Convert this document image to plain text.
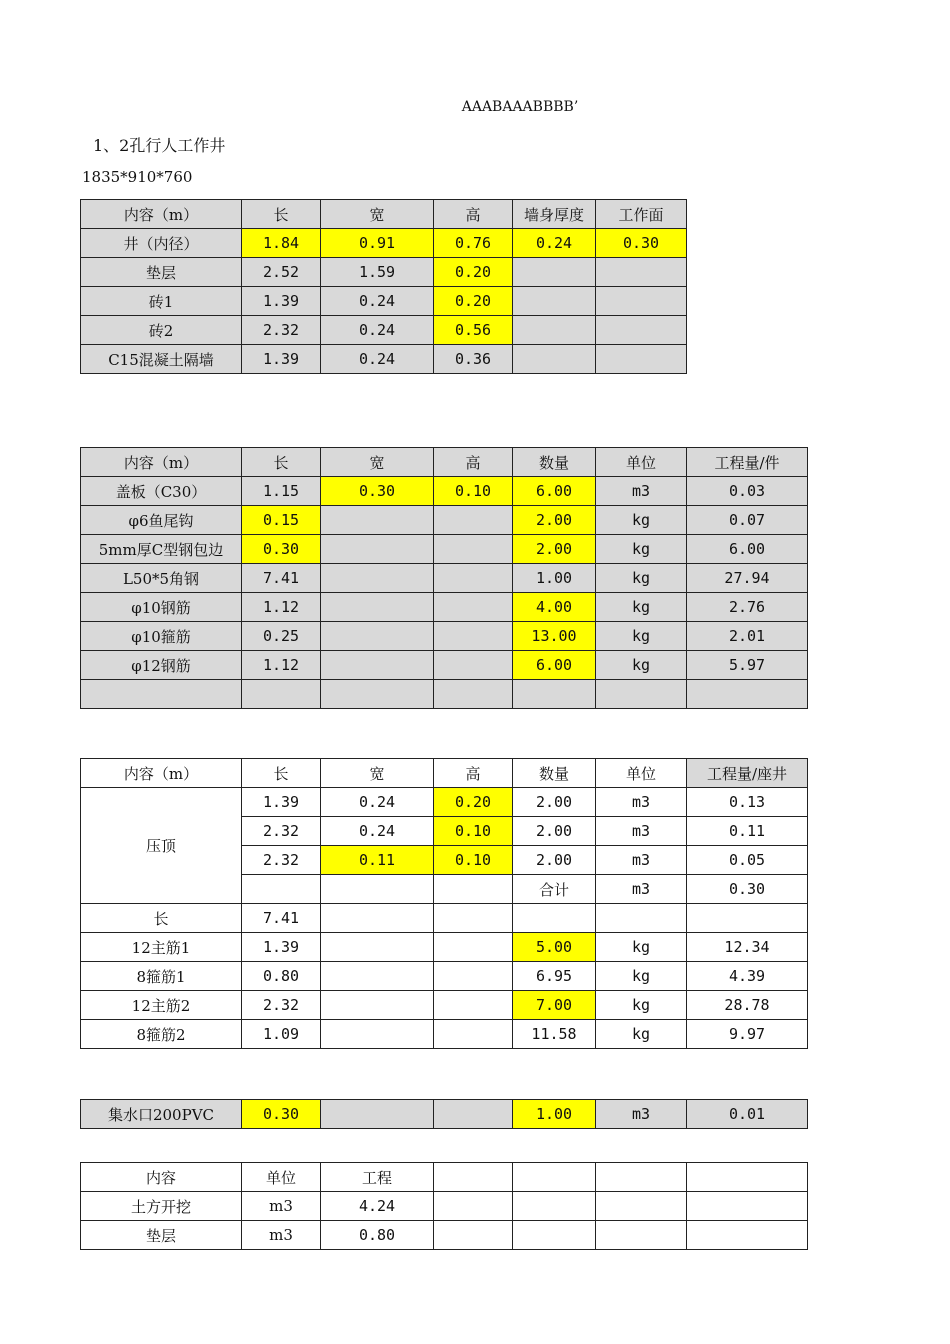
AAABAAABBBB’
1、2孔行人工作井
1835*910*760
内容（m）	长	宽	高	墙身厚度	工作面
井（内径）	1.84	0.91	0.76	0.24	0.30
垫层	2.52	1.59	0.20		
砖1	1.39	0.24	0.20		
砖2	2.32	0.24	0.56		
C15混凝土隔墙	1.39	0.24	0.36		
内容（m）	长	宽	高	数量	单位	工程量/件
盖板（C30）	1.15	0.30	0.10	6.00	m3	0.03
φ6鱼尾钩	0.15			2.00	kg	0.07
5mm厚C型钢包边	0.30			2.00	kg	6.00
L50*5角钢	7.41			1.00	kg	27.94
φ10钢筋	1.12			4.00	kg	2.76
φ10箍筋	0.25			13.00	kg	2.01
φ12钢筋	1.12			6.00	kg	5.97

内容（m）	长	宽	高	数量	单位	工程量/座井
压顶	1.39	0.24	0.20	2.00	m3	0.13
	2.32	0.24	0.10	2.00	m3	0.11
	2.32	0.11	0.10	2.00	m3	0.05
				合计	m3	0.30
长	7.41					
12主筋1	1.39			5.00	kg	12.34
8箍筋1	0.80			6.95	kg	4.39
12主筋2	2.32			7.00	kg	28.78
8箍筋2	1.09			11.58	kg	9.97
集水口200PVC	0.30			1.00	m3	0.01
内容	单位	工程				
土方开挖	m3	4.24				
垫层	m3	0.80				
